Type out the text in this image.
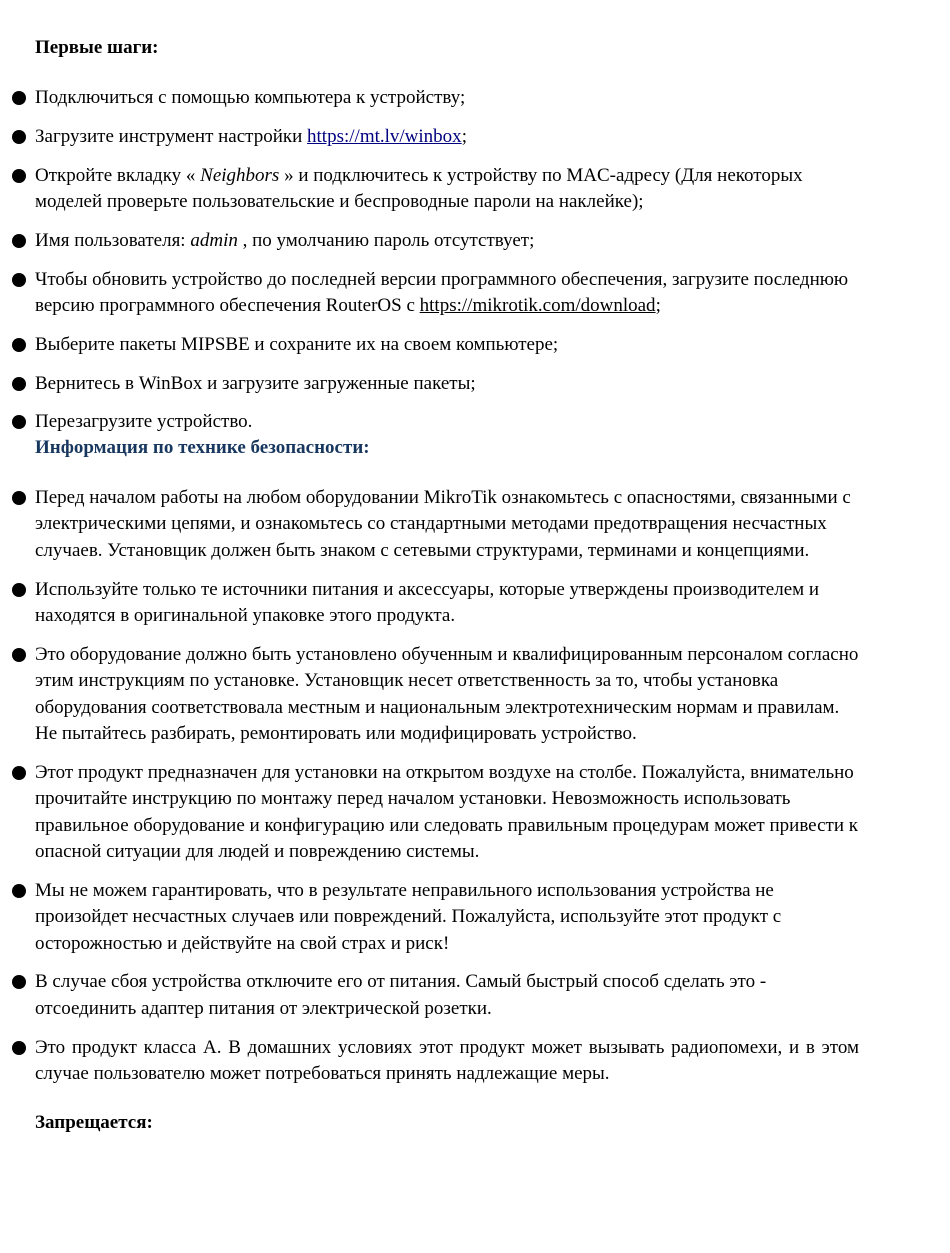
Первые шаги:

Подключиться с помощью компьютера к устройству;
Загрузите инструмент настройки https://mt.lv/winbox;
Откройте вкладку « Neighbors » и подключитесь к устройству по MAC-адресу (Для некоторых моделей проверьте пользовательские и беспроводные пароли на наклейке);
Имя пользователя: admin , по умолчанию пароль отсутствует;
Чтобы обновить устройство до последней версии программного обеспечения, загрузите последнюю версию программного обеспечения RouterOS с https://mikrotik.com/download;
Выберите пакеты MIPSBE и сохраните их на своем компьютере;
Вернитесь в WinBox и загрузите загруженные пакеты;
Перезагрузите устройство.

Информация по технике безопасности:

Перед началом работы на любом оборудовании MikroTik ознакомьтесь с опасностями, связанными с электрическими цепями, и ознакомьтесь со стандартными методами предотвращения несчастных случаев. Установщик должен быть знаком с сетевыми структурами, терминами и концепциями.
Используйте только те источники питания и аксессуары, которые утверждены производителем и находятся в оригинальной упаковке этого продукта.
Это оборудование должно быть установлено обученным и квалифицированным персоналом согласно этим инструкциям по установке. Установщик несет ответственность за то, чтобы установка оборудования соответствовала местным и национальным электротехническим нормам и правилам. Не пытайтесь разбирать, ремонтировать или модифицировать устройство.
Этот продукт предназначен для установки на открытом воздухе на столбе. Пожалуйста, внимательно прочитайте инструкцию по монтажу перед началом установки. Невозможность использовать правильное оборудование и конфигурацию или следовать правильным процедурам может привести к опасной ситуации для людей и повреждению системы.
Мы не можем гарантировать, что в результате неправильного использования устройства не произойдет несчастных случаев или повреждений. Пожалуйста, используйте этот продукт с осторожностью и действуйте на свой страх и риск!
В случае сбоя устройства отключите его от питания. Самый быстрый способ сделать это - отсоединить адаптер питания от электрической розетки.
Это продукт класса А. В домашних условиях этот продукт может вызывать радиопомехи, и в этом случае пользователю может потребоваться принять надлежащие меры.

Запрещается:
